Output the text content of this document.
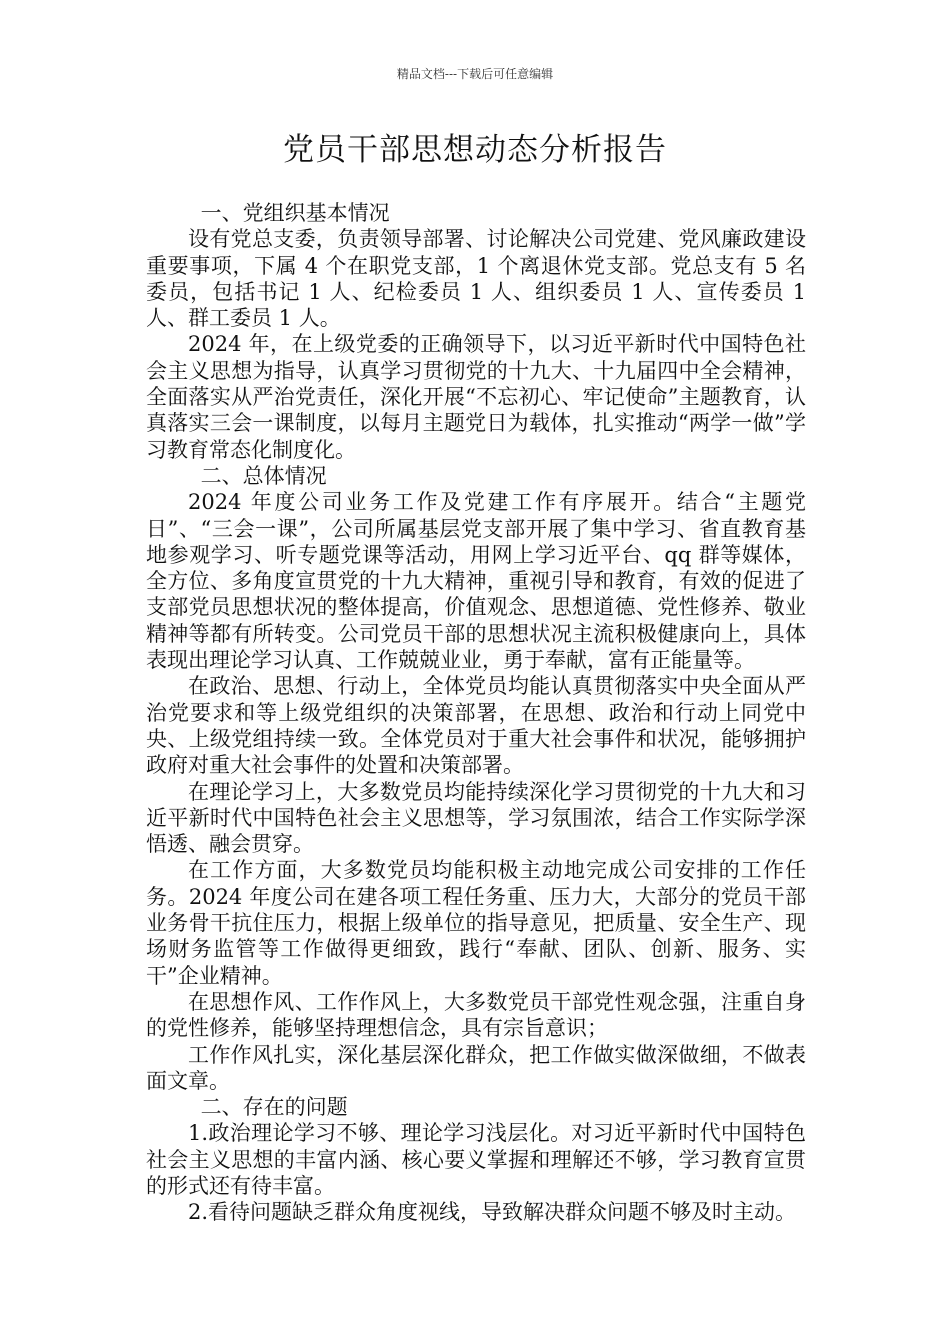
精品文档---下载后可任意编辑
党员干部思想动态分析报告

一、党组织基本情况

设有党总支委，负责领导部署、讨论解决公司党建、党风廉政建设重要事项，下属 4 个在职党支部，1 个离退休党支部。党总支有 5 名委员，包括书记 1 人、纪检委员 1 人、组织委员 1 人、宣传委员 1 人、群工委员 1 人。

2024 年，在上级党委的正确领导下，以习近平新时代中国特色社会主义思想为指导，认真学习贯彻党的十九大、十九届四中全会精神，全面落实从严治党责任，深化开展“不忘初心、牢记使命”主题教育，认真落实三会一课制度，以每月主题党日为载体，扎实推动“两学一做”学习教育常态化制度化。

二、总体情况

2024 年度公司业务工作及党建工作有序展开。结合“主题党日”、“三会一课”，公司所属基层党支部开展了集中学习、省直教育基地参观学习、听专题党课等活动，用网上学习近平台、qq 群等媒体，全方位、多角度宣贯党的十九大精神，重视引导和教育，有效的促进了支部党员思想状况的整体提高，价值观念、思想道德、党性修养、敬业精神等都有所转变。公司党员干部的思想状况主流积极健康向上，具体表现出理论学习认真、工作兢兢业业，勇于奉献，富有正能量等。

在政治、思想、行动上，全体党员均能认真贯彻落实中央全面从严治党要求和等上级党组织的决策部署，在思想、政治和行动上同党中央、上级党组持续一致。全体党员对于重大社会事件和状况，能够拥护政府对重大社会事件的处置和决策部署。

在理论学习上，大多数党员均能持续深化学习贯彻党的十九大和习近平新时代中国特色社会主义思想等，学习氛围浓，结合工作实际学深悟透、融会贯穿。

在工作方面，大多数党员均能积极主动地完成公司安排的工作任务。2024 年度公司在建各项工程任务重、压力大，大部分的党员干部业务骨干抗住压力，根据上级单位的指导意见，把质量、安全生产、现场财务监管等工作做得更细致，践行“奉献、团队、创新、服务、实干”企业精神。

在思想作风、工作作风上，大多数党员干部党性观念强，注重自身的党性修养，能够坚持理想信念，具有宗旨意识；

工作作风扎实，深化基层深化群众，把工作做实做深做细，不做表面文章。

二、存在的问题

1.政治理论学习不够、理论学习浅层化。对习近平新时代中国特色社会主义思想的丰富内涵、核心要义掌握和理解还不够，学习教育宣贯的形式还有待丰富。

2.看待问题缺乏群众角度视线，导致解决群众问题不够及时主动。
